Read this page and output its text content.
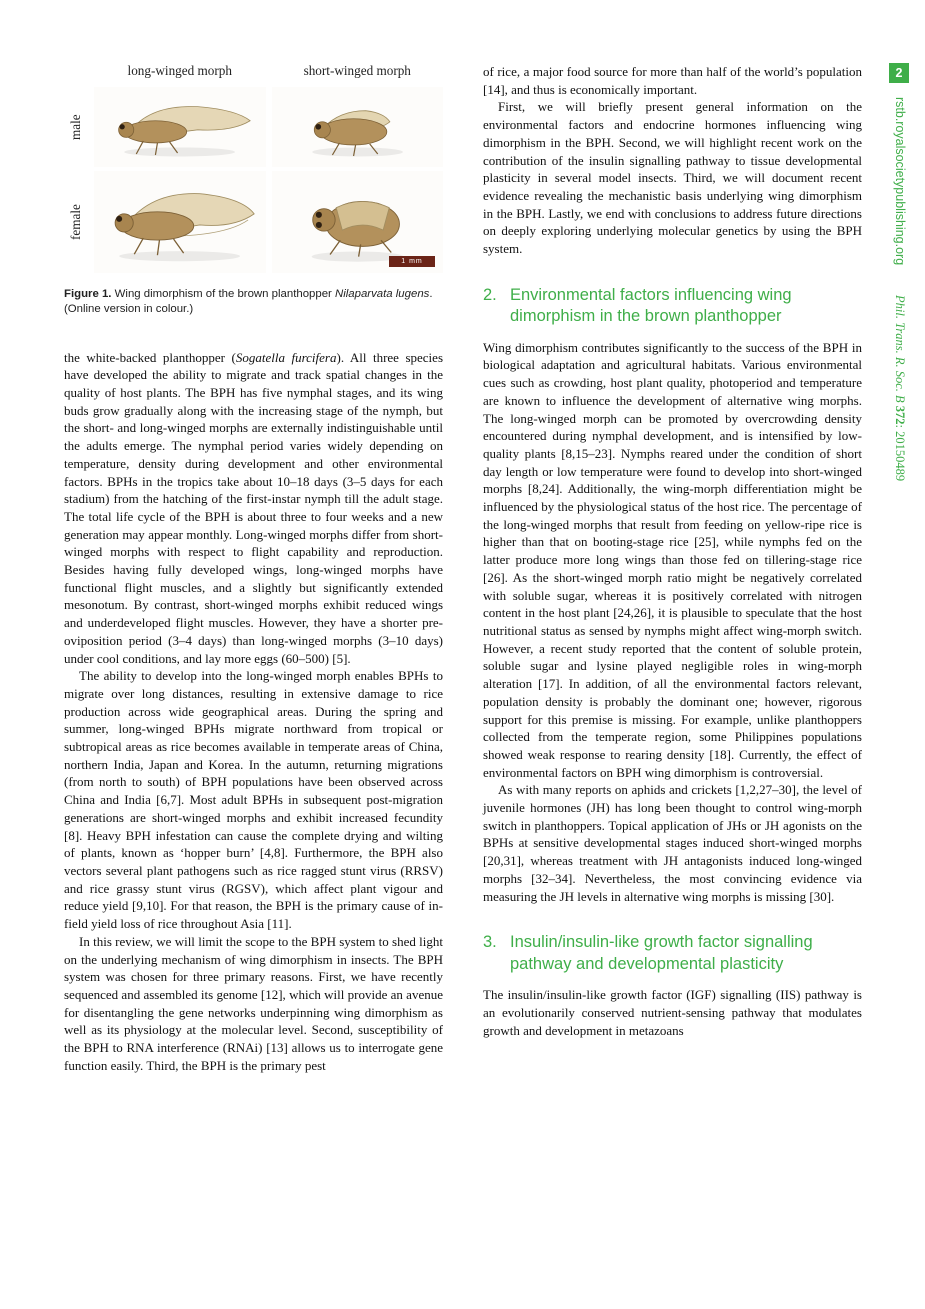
long-winged morph	short-winged morph
male
female
1 mm
Figure 1. Wing dimorphism of the brown planthopper Nilaparvata lugens. (Online version in colour.)

the white-backed planthopper (Sogatella furcifera). All three species have developed the ability to migrate and track spatial changes in the quality of host plants. The BPH has five nymphal stages, and its wing buds grow gradually along with the increasing stage of the nymph, but the short- and long-winged morphs are externally indistinguishable until the adults emerge. The nymphal period varies widely depending on temperature, density during development and other environmental factors. BPHs in the tropics take about 10–18 days (3–5 days for each stadium) from the hatching of the first-instar nymph till the adult stage. The total life cycle of the BPH is about three to four weeks and a new generation may appear monthly. Long-winged morphs differ from short-winged morphs with respect to flight capability and reproduction. Besides having fully developed wings, long-winged morphs have functional flight muscles, and a slightly but significantly extended mesonotum. By contrast, short-winged morphs exhibit reduced wings and underdeveloped flight muscles. However, they have a shorter pre-oviposition period (3–4 days) than long-winged morphs (3–10 days) under cool conditions, and lay more eggs (60–500) [5].

The ability to develop into the long-winged morph enables BPHs to migrate over long distances, resulting in extensive damage to rice production across wide geographical areas. During the spring and summer, long-winged BPHs migrate northward from tropical or subtropical areas as rice becomes available in temperate areas of China, northern India, Japan and Korea. In the autumn, returning migrations (from north to south) of BPH populations have been observed across China and India [6,7]. Most adult BPHs in subsequent post-migration generations are short-winged morphs and exhibit increased fecundity [8]. Heavy BPH infestation can cause the complete drying and wilting of plants, known as ‘hopper burn’ [4,8]. Furthermore, the BPH also vectors several plant pathogens such as rice ragged stunt virus (RRSV) and rice grassy stunt virus (RGSV), which affect plant vigour and reduce yield [9,10]. For that reason, the BPH is the primary cause of in-field yield loss of rice throughout Asia [11].

In this review, we will limit the scope to the BPH system to shed light on the underlying mechanism of wing dimorphism in insects. The BPH system was chosen for three primary reasons. First, we have recently sequenced and assembled its genome [12], which will provide an avenue for disentangling the gene networks underpinning wing dimorphism as well as its physiology at the molecular level. Second, susceptibility of the BPH to RNA interference (RNAi) [13] allows us to interrogate gene function easily. Third, the BPH is the primary pest

of rice, a major food source for more than half of the world’s population [14], and thus is economically important.

First, we will briefly present general information on the environmental factors and endocrine hormones influencing wing dimorphism in the BPH. Second, we will highlight recent work on the contribution of the insulin signalling pathway to tissue developmental plasticity in several model insects. Third, we will document recent evidence revealing the mechanistic basis underlying wing dimorphism in the BPH. Lastly, we end with conclusions to address future directions on deeply exploring underlying molecular genetics by using the BPH system.

2. Environmental factors influencing wing dimorphism in the brown planthopper

Wing dimorphism contributes significantly to the success of the BPH in biological adaptation and agricultural habitats. Various environmental cues such as crowding, host plant quality, photoperiod and temperature are known to influence the development of alternative wing morphs. The long-winged morph can be promoted by overcrowding density encountered during nymphal development, and is intensified by low-quality plants [8,15–23]. Nymphs reared under the condition of short day length or low temperature were found to develop into short-winged morphs [8,24]. Additionally, the wing-morph differentiation might be influenced by the physiological status of the host rice. The percentage of the long-winged morphs that result from feeding on yellow-ripe rice is higher than that on booting-stage rice [25], while nymphs fed on the latter produce more long wings than those fed on tillering-stage rice [26]. As the short-winged morph ratio might be negatively correlated with soluble sugar, whereas it is positively correlated with nitrogen content in the host plant [24,26], it is plausible to speculate that the host nutritional status as sensed by nymphs might affect wing-morph switch. However, a recent study reported that the content of soluble protein, soluble sugar and lysine played negligible roles in wing-morph alteration [17]. In addition, of all the environmental factors relevant, population density is probably the dominant one; however, rigorous support for this premise is missing. For example, unlike planthoppers collected from the temperate region, some Philippines populations showed weak response to rearing density [18]. Currently, the effect of environmental factors on BPH wing dimorphism is controversial.

As with many reports on aphids and crickets [1,2,27–30], the level of juvenile hormones (JH) has long been thought to control wing-morph switch in planthoppers. Topical application of JHs or JH agonists on the BPHs at sensitive developmental stages induced short-winged morphs [20,31], whereas treatment with JH antagonists induced long-winged morphs [32–34]. Nevertheless, the most convincing evidence via measuring the JH levels in alternative wing morphs is missing [30].

3. Insulin/insulin-like growth factor signalling pathway and developmental plasticity

The insulin/insulin-like growth factor (IGF) signalling (IIS) pathway is an evolutionarily conserved nutrient-sensing pathway that modulates growth and development in metazoans

2
rstb.royalsocietypublishing.org Phil. Trans. R. Soc. B 372: 20150489
